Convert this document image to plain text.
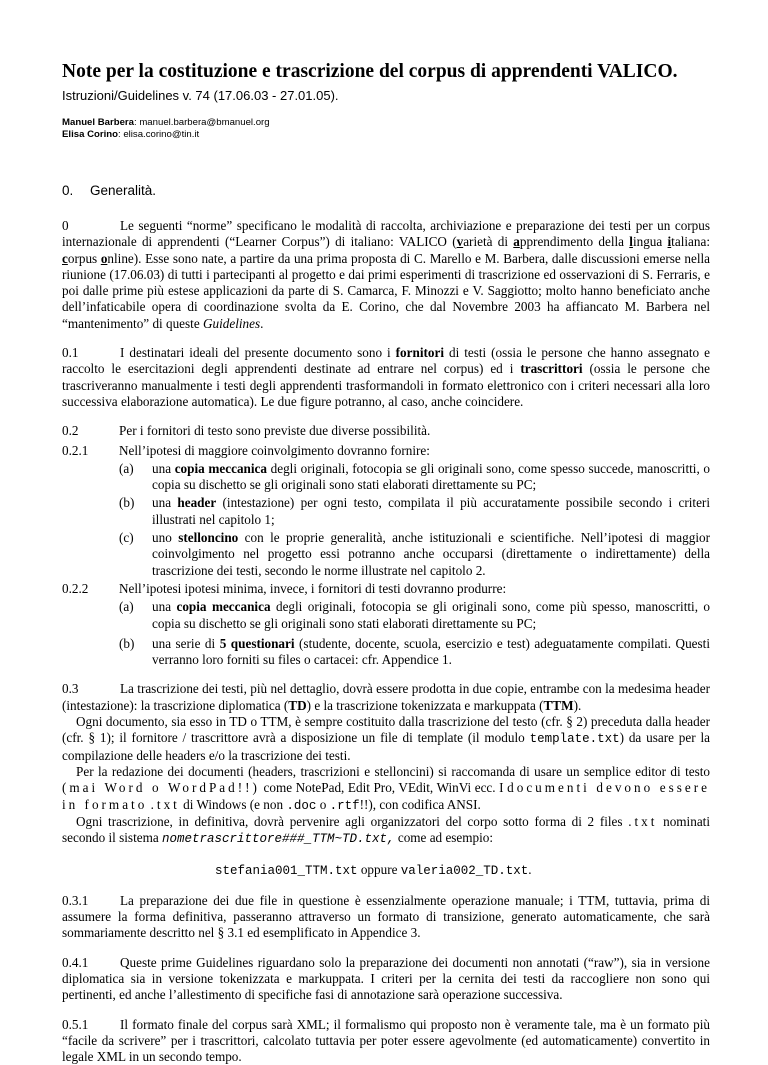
Note per la costituzione e trascrizione del corpus di apprendenti VALICO.

Istruzioni/Guidelines v. 74 (17.06.03 - 27.01.05).

Manuel Barbera: manuel.barbera@bmanuel.org
Elisa Corino: elisa.corino@tin.it
0.	Generalità.

0	Le seguenti “norme” specificano le modalità di raccolta, archiviazione e preparazione dei testi per un corpus internazionale di apprendenti (“Learner Corpus”) di italiano: VALICO (varietà di apprendimento della lingua italiana: corpus online). Esse sono nate, a partire da una prima proposta di C. Marello e M. Barbera, dalle discussioni emerse nella riunione (17.06.03) di tutti i partecipanti al progetto e dai primi esperimenti di trascrizione ed osservazioni di S. Ferraris, e poi dalle prime più estese applicazioni da parte di S. Camarca, F. Minozzi e V. Saggiotto; molto hanno beneficiato anche dell’infaticabile opera di coordinazione svolta da E. Corino, che dal Novembre 2003 ha affiancato M. Barbera nel “mantenimento” di queste Guidelines.

0.1	I destinatari ideali del presente documento sono i fornitori di testi (ossia le persone che hanno assegnato e raccolto le esercitazioni degli apprendenti destinate ad entrare nel corpus) ed i trascrittori (ossia le persone che trascriveranno manualmente i testi degli apprendenti trasformandoli in formato elettronico con i criteri necessari alla loro successiva elaborazione automatica). Le due figure potranno, al caso, anche coincidere.

0.2	Per i fornitori di testo sono previste due diverse possibilità.
0.2.1	Nell’ipotesi di maggiore coinvolgimento dovranno fornire:
(a)	una copia meccanica degli originali, fotocopia se gli originali sono, come spesso succede, manoscritti, o copia su dischetto se gli originali sono stati elaborati direttamente su PC;
(b)	una header (intestazione) per ogni testo, compilata il più accuratamente possibile secondo i criteri illustrati nel capitolo 1;
(c)	uno stelloncino con le proprie generalità, anche istituzionali e scientifiche. Nell’ipotesi di maggior coinvolgimento nel progetto essi potranno anche occuparsi (direttamente o indirettamente) della trascrizione dei testi, secondo le norme illustrate nel capitolo 2.
0.2.2	Nell’ipotesi ipotesi minima, invece, i fornitori di testi dovranno produrre:
(a)	una copia meccanica degli originali, fotocopia se gli originali sono, come più spesso, manoscritti, o copia su dischetto se gli originali sono stati elaborati direttamente su PC;
(b)	una serie di 5 questionari (studente, docente, scuola, esercizio e test) adeguatamente compilati. Questi verranno loro forniti su files o cartacei: cfr. Appendice 1.

0.3	La trascrizione dei testi, più nel dettaglio, dovrà essere prodotta in due copie, entrambe con la medesima header (intestazione): la trascrizione diplomatica (TD) e la trascrizione tokenizzata e markuppata (TTM).

Ogni documento, sia esso in TD o TTM, è sempre costituito dalla trascrizione del testo (cfr. § 2) preceduta dalla header (cfr. § 1); il fornitore / trascrittore avrà a disposizione un file di template (il modulo template.txt) da usare per la compilazione delle headers e/o la trascrizione dei testi.

Per la redazione dei documenti (headers, trascrizioni e stelloncini) si raccomanda di usare un semplice editor di testo (mai Word o WordPad!!) come NotePad, Edit Pro, VEdit, WinVi ecc. I documenti devono essere in formato .txt di Windows (e non .doc o .rtf!!), con codifica ANSI.

Ogni trascrizione, in definitiva, dovrà pervenire agli organizzatori del corpo sotto forma di 2 files .txt nominati secondo il sistema nometrascrittore###_TTM~TD.txt, come ad esempio:

stefania001_TTM.txt oppure valeria002_TD.txt.

0.3.1 La preparazione dei due file in questione è essenzialmente operazione manuale; i TTM, tuttavia, prima di assumere la forma definitiva, passeranno attraverso un formato di transizione, generato automaticamente, che sarà sommariamente descritto nel § 3.1 ed esemplificato in Appendice 3.

0.4.1 Queste prime Guidelines riguardano solo la preparazione dei documenti non annotati (“raw”), sia in versione diplomatica sia in versione tokenizzata e markuppata. I criteri per la cernita dei testi da raccogliere non sono qui pertinenti, ed anche l’allestimento di specifiche fasi di annotazione sarà operazione successiva.

0.5.1 Il formato finale del corpus sarà XML; il formalismo qui proposto non è veramente tale, ma è un formato più “facile da scrivere” per i trascrittori, calcolato tuttavia per poter essere agevolmente (ed automaticamente) convertito in legale XML in un secondo tempo.
